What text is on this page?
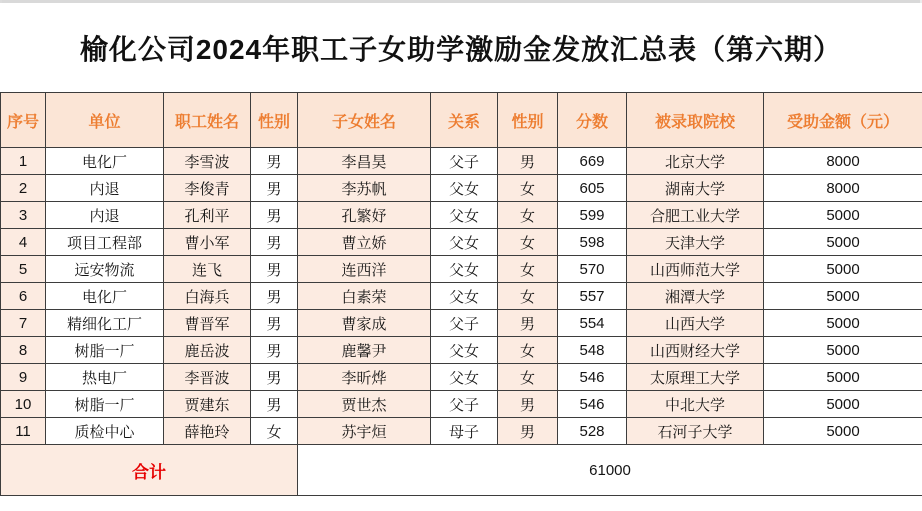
榆化公司2024年职工子女助学激励金发放汇总表（第六期）
序号	单位	职工姓名	性别	子女姓名	关系	性别	分数	被录取院校	受助金额（元）
1	电化厂	李雪波	男	李昌昊	父子	男	669	北京大学	8000
2	内退	李俊青	男	李苏帆	父女	女	605	湖南大学	8000
3	内退	孔利平	男	孔繁妤	父女	女	599	合肥工业大学	5000
4	项目工程部	曹小军	男	曹立娇	父女	女	598	天津大学	5000
5	远安物流	连飞	男	连西洋	父女	女	570	山西师范大学	5000
6	电化厂	白海兵	男	白素荣	父女	女	557	湘潭大学	5000
7	精细化工厂	曹晋军	男	曹家成	父子	男	554	山西大学	5000
8	树脂一厂	鹿岳波	男	鹿馨尹	父女	女	548	山西财经大学	5000
9	热电厂	李晋波	男	李昕烨	父女	女	546	太原理工大学	5000
10	树脂一厂	贾建东	男	贾世杰	父子	男	546	中北大学	5000
11	质检中心	薛艳玲	女	苏宇烜	母子	男	528	石河子大学	5000
合计				61000					
